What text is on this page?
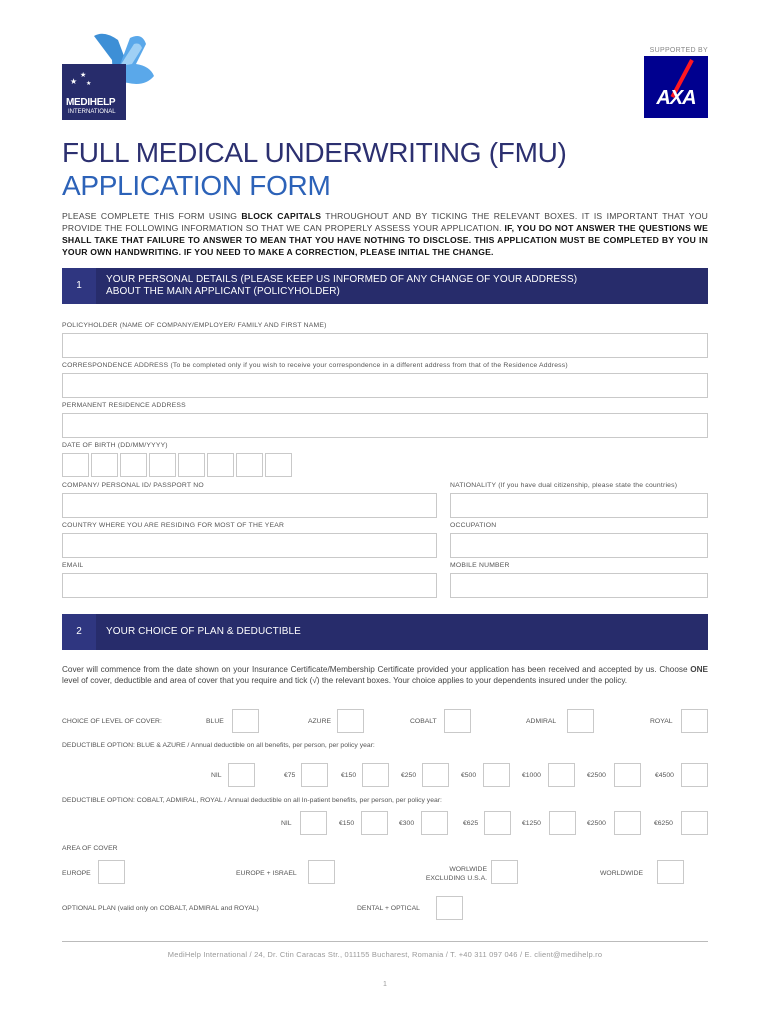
★
★
★
MEDIHELP
INTERNATIONAL
SUPPORTED BY
AXA
FULL MEDICAL UNDERWRITING (FMU)
APPLICATION FORM
PLEASE COMPLETE THIS FORM USING BLOCK CAPITALS THROUGHOUT AND BY TICKING THE RELEVANT BOXES. IT IS IMPORTANT THAT YOU PROVIDE THE FOLLOWING INFORMATION SO THAT WE CAN PROPERLY ASSESS YOUR APPLICATION. IF, YOU DO NOT ANSWER THE QUESTIONS WE SHALL TAKE THAT FAILURE TO ANSWER TO MEAN THAT YOU HAVE NOTHING TO DISCLOSE. THIS APPLICATION MUST BE COMPLETED BY YOU IN YOUR OWN HANDWRITING. IF YOU NEED TO MAKE A CORRECTION, PLEASE INITIAL THE CHANGE.
1
YOUR PERSONAL DETAILS (PLEASE KEEP US INFORMED OF ANY CHANGE OF YOUR ADDRESS)
ABOUT THE MAIN APPLICANT (POLICYHOLDER)
POLICYHOLDER (NAME OF COMPANY/EMPLOYER/ FAMILY AND FIRST NAME)
CORRESPONDENCE ADDRESS (To be completed only if you wish to receive your correspondence in a different address from that of the Residence Address)
PERMANENT RESIDENCE ADDRESS
DATE OF BIRTH (DD/MM/YYYY)
COMPANY/ PERSONAL ID/ PASSPORT NO	NATIONALITY (If you have dual citizenship, please state the countries)
COUNTRY WHERE YOU ARE RESIDING FOR MOST OF THE YEAR	OCCUPATION
EMAIL	MOBILE NUMBER
2	YOUR CHOICE OF PLAN & DEDUCTIBLE
Cover will commence from the date shown on your Insurance Certificate/Membership Certificate provided your application has been received and accepted by us. Choose ONE level of cover, deductible and area of cover that you require and tick (√) the relevant boxes. Your choice applies to your dependents insured under the policy.
CHOICE OF LEVEL OF COVER:	BLUE	AZURE	COBALT	ADMIRAL	ROYAL
DEDUCTIBLE OPTION: BLUE & AZURE / Annual deductible on all benefits, per person, per policy year:
NIL	€75	€150	€250	€500	€1000	€2500	€4500
DEDUCTIBLE OPTION: COBALT, ADMIRAL, ROYAL / Annual deductible on all In-patient benefits, per person, per policy year:
NIL	€150	€300	€625	€1250	€2500	€6250
AREA OF COVER
EUROPE	EUROPE + ISRAEL
WORLWIDE
EXCLUDING U.S.A.
WORLDWIDE
OPTIONAL PLAN (valid only on COBALT, ADMIRAL and ROYAL)	DENTAL + OPTICAL
MediHelp International / 24, Dr. Ctin Caracas Str., 011155 Bucharest, Romania / T. +40 311 097 046 / E. client@medihelp.ro
1
